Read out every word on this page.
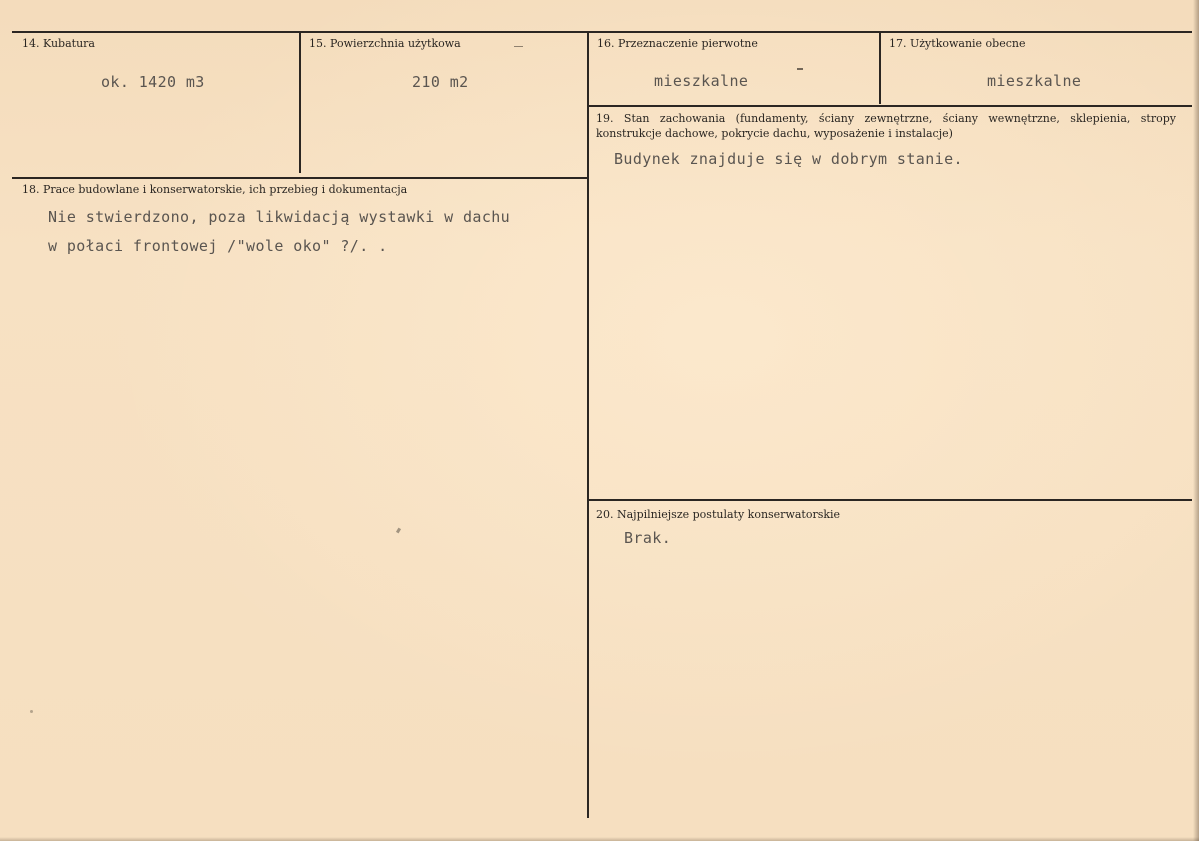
14. Kubatura
ok. 1420 m3
15. Powierzchnia użytkowa
210 m2
16. Przeznaczenie pierwotne
mieszkalne
17. Użytkowanie obecne
mieszkalne
19. Stan zachowania (fundamenty, ściany zewnętrzne, ściany wewnętrzne, sklepienia, stropy konstrukcje dachowe, pokrycie dachu, wyposażenie i instalacje)
Budynek znajduje się w dobrym stanie.
18. Prace budowlane i konserwatorskie, ich przebieg i dokumentacja
Nie stwierdzono, poza likwidacją wystawki w dachu
w połaci frontowej /"wole oko" ?/. .
20. Najpilniejsze postulaty konserwatorskie
Brak.
